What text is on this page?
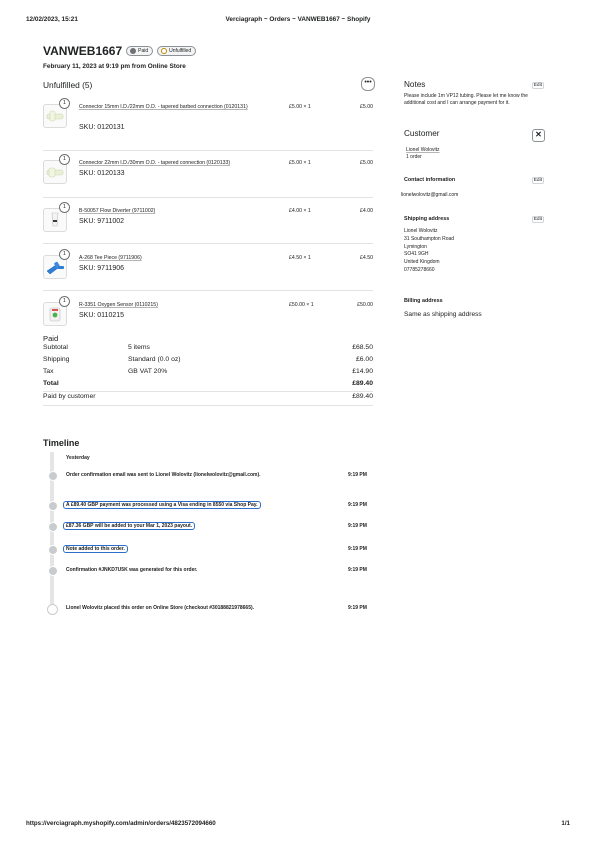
12/02/2023, 15:21	Verciagraph ~ Orders ~ VANWEB1667 ~ Shopify
VANWEB1667	Paid	Unfulfilled
February 11, 2023 at 9:19 pm from Online Store
Unfulfilled (5)	•••
1
Connector 15mm I.D./22mm O.D. - tapered barbed connection (0120131)
SKU: 0120131
£5.00 × 1	£5.00
1
Connector 22mm I.D./30mm O.D. - tapered connection (0120133)
SKU: 0120133
£5.00 × 1	£5.00
1
B-50057 Flow Diverter (9711002)
SKU: 9711002
£4.00 × 1	£4.00
1
A-268 Tee Piece (9711906)
SKU: 9711906
£4.50 × 1	£4.50
1
R-3351 Oxygen Sensor (0110215)
SKU: 0110215
£50.00 × 1	£50.00
Paid
Subtotal	5 items	£68.50
Shipping	Standard (0.0 oz)	£6.00
Tax	GB VAT 20%	£14.90
Total	£89.40
Paid by customer	£89.40
Timeline
Yesterday
Order confirmation email was sent to Lionel Wolovitz (lionelwolovitz@gmail.com).	9:19 PM
A £89.40 GBP payment was processed using a Visa ending in 8550 via Shop Pay.	9:19 PM
£87.36 GBP will be added to your Mar 1, 2023 payout.	9:19 PM
Note added to this order.	9:19 PM
Confirmation #JNKD7U5K was generated for this order.	9:19 PM
Lionel Wolovitz placed this order on Online Store (checkout #30188821978665).	9:19 PM
Notes	Edit
Please include 1m VP12 tubing. Please let me know the additional cost and I can arrange payment for it.
Customer	✕
Lionel Wolovitz
1 order
Contact information	Edit
lionelwolovitz@gmail.com
Shipping address	Edit
Lionel Wolovitz
31 Southampton Road
Lymington
SO41 9GH
United Kingdom
07785278660
Billing address
Same as shipping address
https://verciagraph.myshopify.com/admin/orders/4823572094660	1/1
